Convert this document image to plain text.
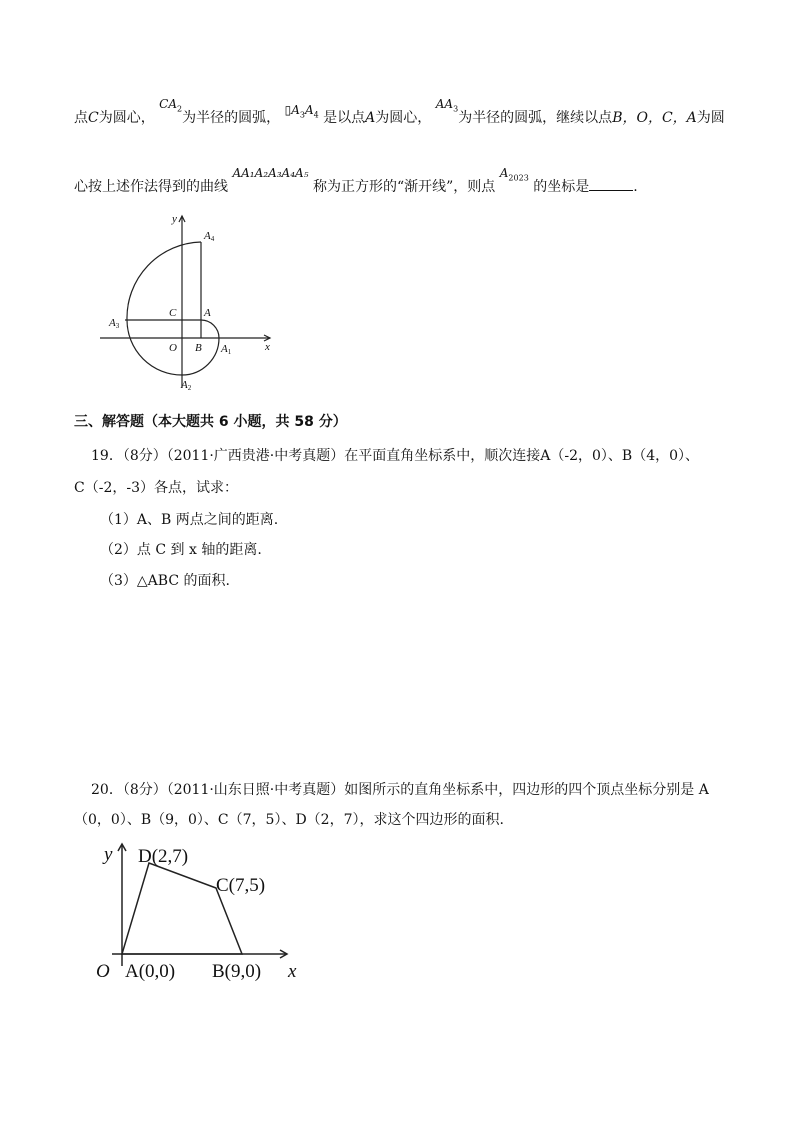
点C为圆心， $CA_2$为半径的圆弧， $▯A_3A_4$ 是以点A为圆心， $AA_3$为半径的圆弧，继续以点B，O，C，A为圆
心按上述作法得到的曲线 AA₁A₂A₃A₄A₅ 称为正方形的“渐开线”，则点 $A_{2023}$ 的坐标是	.
y
x
A4
C	A
A3
O B A1
A2
三、解答题（本大题共 6 小题，共 58 分）
19．（8分）（2011·广西贵港·中考真题）在平面直角坐标系中，顺次连接A（-2，0）、B（4，0）、
C（-2，-3）各点，试求：
（1）A、B 两点之间的距离.
（2）点 C 到 x 轴的距离.
（3）△ABC 的面积.
20．（8分）（2011·山东日照·中考真题）如图所示的直角坐标系中，四边形的四个顶点坐标分别是 A
（0，0）、B（9，0）、C（7，5）、D（2，7），求这个四边形的面积.
y
x
O
D(2,7)
C(7,5)
A(0,0) B(9,0)
